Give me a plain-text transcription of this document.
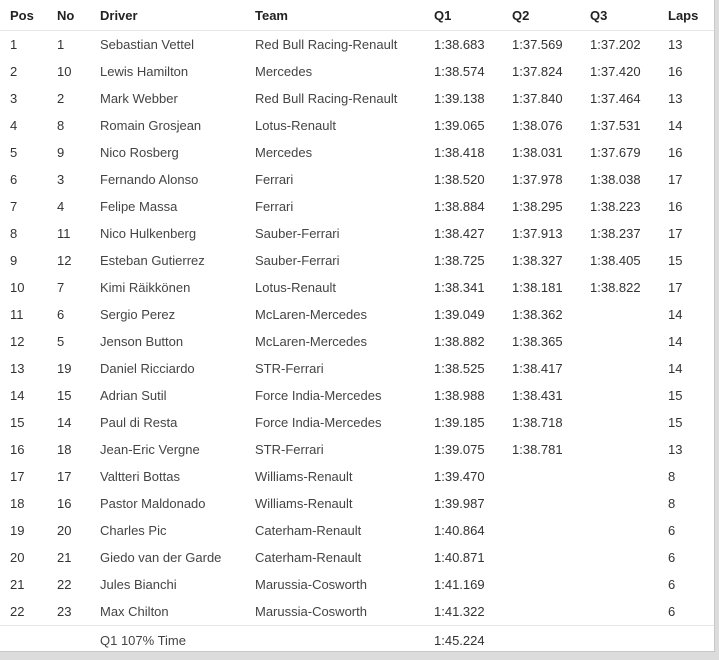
Pos	No	Driver	Team	Q1	Q2	Q3	Laps
1	1	Sebastian Vettel	Red Bull Racing-Renault	1:38.683	1:37.569	1:37.202	13
2	10	Lewis Hamilton	Mercedes	1:38.574	1:37.824	1:37.420	16
3	2	Mark Webber	Red Bull Racing-Renault	1:39.138	1:37.840	1:37.464	13
4	8	Romain Grosjean	Lotus-Renault	1:39.065	1:38.076	1:37.531	14
5	9	Nico Rosberg	Mercedes	1:38.418	1:38.031	1:37.679	16
6	3	Fernando Alonso	Ferrari	1:38.520	1:37.978	1:38.038	17
7	4	Felipe Massa	Ferrari	1:38.884	1:38.295	1:38.223	16
8	11	Nico Hulkenberg	Sauber-Ferrari	1:38.427	1:37.913	1:38.237	17
9	12	Esteban Gutierrez	Sauber-Ferrari	1:38.725	1:38.327	1:38.405	15
10	7	Kimi Räikkönen	Lotus-Renault	1:38.341	1:38.181	1:38.822	17
11	6	Sergio Perez	McLaren-Mercedes	1:39.049	1:38.362		14
12	5	Jenson Button	McLaren-Mercedes	1:38.882	1:38.365		14
13	19	Daniel Ricciardo	STR-Ferrari	1:38.525	1:38.417		14
14	15	Adrian Sutil	Force India-Mercedes	1:38.988	1:38.431		15
15	14	Paul di Resta	Force India-Mercedes	1:39.185	1:38.718		15
16	18	Jean-Eric Vergne	STR-Ferrari	1:39.075	1:38.781		13
17	17	Valtteri Bottas	Williams-Renault	1:39.470			8
18	16	Pastor Maldonado	Williams-Renault	1:39.987			8
19	20	Charles Pic	Caterham-Renault	1:40.864			6
20	21	Giedo van der Garde	Caterham-Renault	1:40.871			6
21	22	Jules Bianchi	Marussia-Cosworth	1:41.169			6
22	23	Max Chilton	Marussia-Cosworth	1:41.322			6
		Q1 107% Time		1:45.224			
